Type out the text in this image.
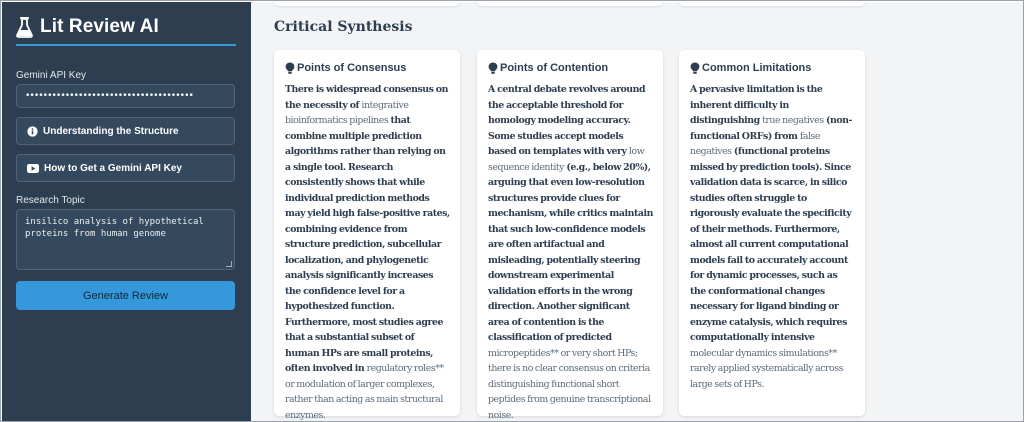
Lit Review AI
Gemini API Key
••••••••••••••••••••••••••••••••••••••
Understanding the Structure
How to Get a Gemini API Key
Research Topic
insilico analysis of hypothetical proteins from human genome
Generate Review
Critical Synthesis
Points of Consensus
There is widespread consensus on the necessity of integrative bioinformatics pipelines that combine multiple prediction algorithms rather than relying on a single tool. Research consistently shows that while individual prediction methods may yield high false-positive rates, combining evidence from structure prediction, subcellular localization, and phylogenetic analysis significantly increases the confidence level for a hypothesized function. Furthermore, most studies agree that a substantial subset of human HPs are small proteins, often involved in regulatory roles** or modulation of larger complexes, rather than acting as main structural enzymes.
Points of Contention
A central debate revolves around the acceptable threshold for homology modeling accuracy. Some studies accept models based on templates with very low sequence identity (e.g., below 20%), arguing that even low-resolution structures provide clues for mechanism, while critics maintain that such low-confidence models are often artifactual and misleading, potentially steering downstream experimental validation efforts in the wrong direction. Another significant area of contention is the classification of predicted micropeptides** or very short HPs; there is no clear consensus on criteria distinguishing functional short peptides from genuine transcriptional noise.
Common Limitations
A pervasive limitation is the inherent difficulty in distinguishing true negatives (non-functional ORFs) from false negatives (functional proteins missed by prediction tools). Since validation data is scarce, in silico studies often struggle to rigorously evaluate the specificity of their methods. Furthermore, almost all current computational models fail to accurately account for dynamic processes, such as the conformational changes necessary for ligand binding or enzyme catalysis, which requires computationally intensive molecular dynamics simulations** rarely applied systematically across large sets of HPs.
